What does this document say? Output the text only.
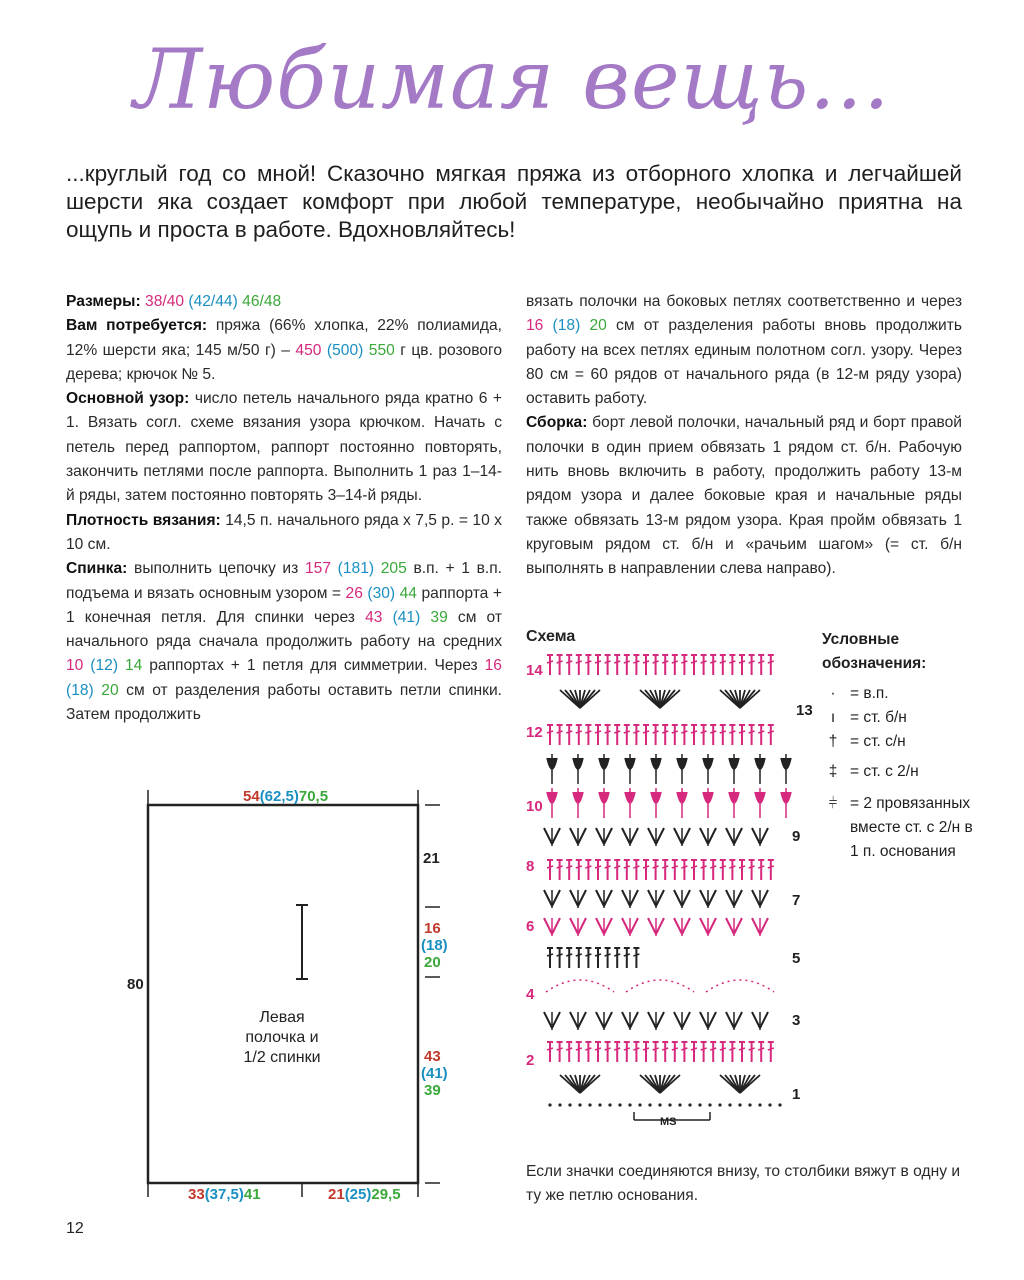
Любимая вещь...

...круглый год со мной! Сказочно мягкая пряжа из отборного хлопка и легчайшей шерсти яка создает комфорт при любой температуре, необычайно приятна на ощупь и проста в работе. Вдохновляйтесь!

Размеры: 38/40 (42/44) 46/48

Вам потребуется: пряжа (66% хлопка, 22% полиамида, 12% шерсти яка; 145 м/50 г) – 450 (500) 550 г цв. розового дерева; крючок № 5.

Основной узор: число петель начального ряда кратно 6 + 1. Вязать согл. схеме вязания узора крючком. Начать с петель перед раппортом, раппорт постоянно повторять, закончить петлями после раппорта. Выполнить 1 раз 1–14-й ряды, затем постоянно повторять 3–14-й ряды.

Плотность вязания: 14,5 п. начального ряда х 7,5 р. = 10 х 10 см.

Спинка: выполнить цепочку из 157 (181) 205 в.п. + 1 в.п. подъема и вязать основным узором = 26 (30) 44 раппорта + 1 конечная петля. Для спинки через 43 (41) 39 см от начального ряда сначала продолжить работу на средних 10 (12) 14 раппортах + 1 петля для симметрии. Через 16 (18) 20 см от разделения работы оставить петли спинки. Затем продолжить

вязать полочки на боковых петлях соответственно и через 16 (18) 20 см от разделения работы вновь продолжить работу на всех петлях единым полотном согл. узору. Через 80 см = 60 рядов от начального ряда (в 12-м ряду узора) оставить работу.

Сборка: борт левой полочки, начальный ряд и борт правой полочки в один прием обвязать 1 рядом ст. б/н. Рабочую нить вновь включить в работу, продолжить работу 13-м рядом узора и далее боковые края и начальные ряды также обвязать 13-м рядом узора. Края пройм обвязать 1 круговым рядом ст. б/н и «рачьим шагом» (= ст. б/н выполнять в направлении слева направо).

Схема
MS
14
12
10
8
6
4
2
13
9
7
5
3
1
Условные обозначения:
· = в.п.
ı = ст. б/н
† = ст. с/н
‡ = ст. с 2/н
⫩ = 2 провязанных вместе ст. с 2/н в 1 п. основания

Если значки соединяются внизу, то столбики вяжут в одну и ту же петлю основания.

54(62,5)70,5
80
21
16
(18)
20
43
(41)
39
Левая полочка и 1/2 спинки
33(37,5)41	21(25)29,5
12
